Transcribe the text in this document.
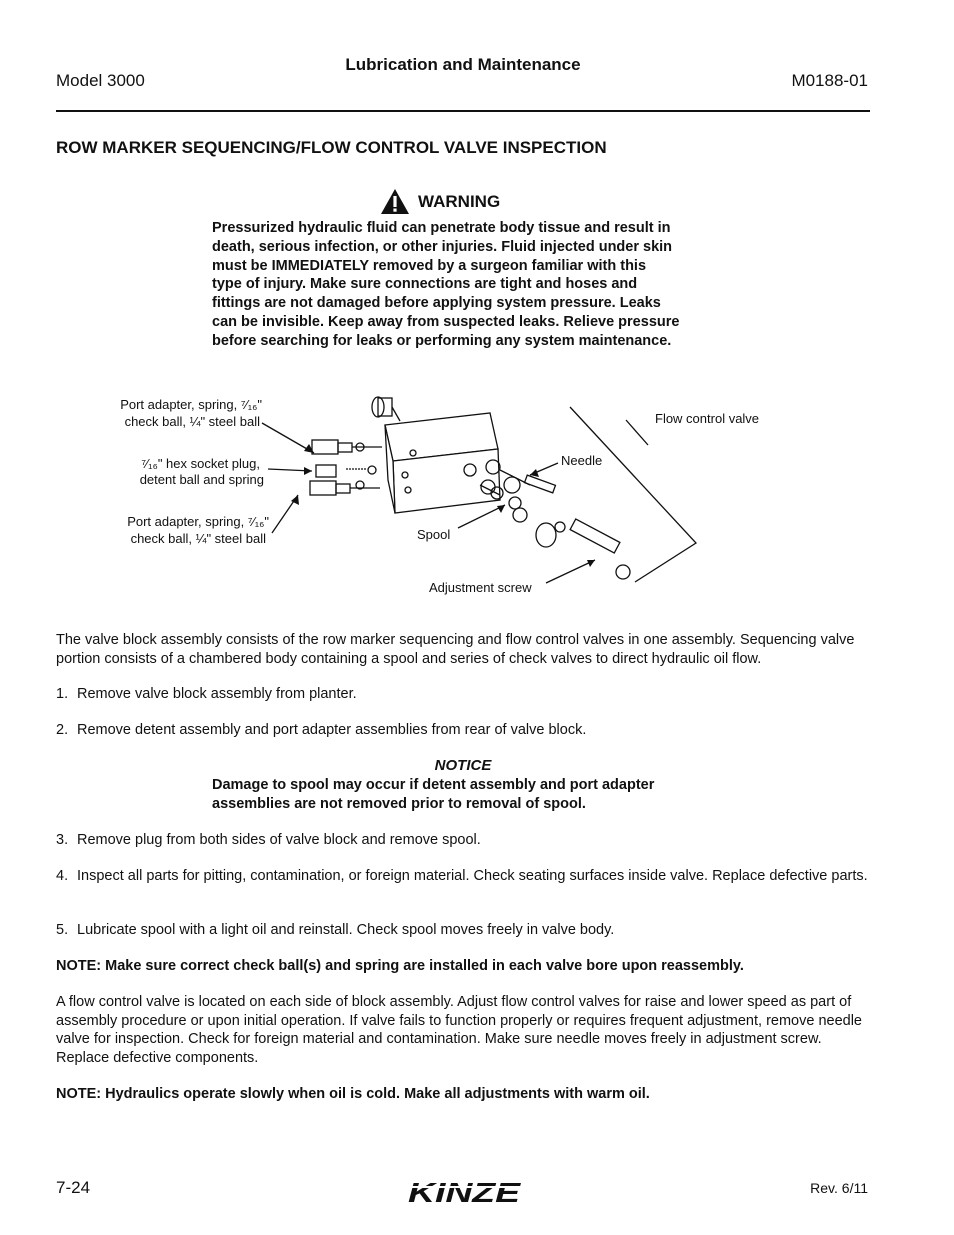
Lubrication and Maintenance
Model 3000	M0188-01
ROW MARKER SEQUENCING/FLOW CONTROL VALVE INSPECTION
WARNING
Pressurized hydraulic fluid can penetrate body tissue and result in
death, serious infection, or other injuries. Fluid injected under skin
must be IMMEDIATELY removed by a surgeon familiar with this
type of injury. Make sure connections are tight and hoses and
fittings are not damaged before applying system pressure. Leaks
can be invisible. Keep away from suspected leaks. Relieve pressure
before searching for leaks or performing any system maintenance.
Port adapter, spring, ⁷⁄₁₆"
check ball, ¼" steel ball
⁷⁄₁₆" hex socket plug,
detent ball and spring
Port adapter, spring, ⁷⁄₁₆"
check ball, ¼" steel ball
Flow control valve
Needle
Spool
Adjustment screw
The valve block assembly consists of the row marker sequencing and flow control valves in one assembly. Sequencing valve portion consists of a chambered body containing a spool and series of check valves to direct hydraulic oil flow.
1. Remove valve block assembly from planter.
2. Remove detent assembly and port adapter assemblies from rear of valve block.
NOTICE
Damage to spool may occur if detent assembly and port adapter
assemblies are not removed prior to removal of spool.
3. Remove plug from both sides of valve block and remove spool.
4. Inspect all parts for pitting, contamination, or foreign material. Check seating surfaces inside valve. Replace defective parts.
5. Lubricate spool with a light oil and reinstall. Check spool moves freely in valve body.
NOTE: Make sure correct check ball(s) and spring are installed in each valve bore upon reassembly.
A flow control valve is located on each side of block assembly. Adjust flow control valves for raise and lower speed as part of assembly procedure or upon initial operation. If valve fails to function properly or requires frequent adjustment, remove needle valve for inspection. Check for foreign material and contamination. Make sure needle moves freely in adjustment screw. Replace defective components.
NOTE: Hydraulics operate slowly when oil is cold. Make all adjustments with warm oil.
7-24	KINZE	Rev. 6/11
